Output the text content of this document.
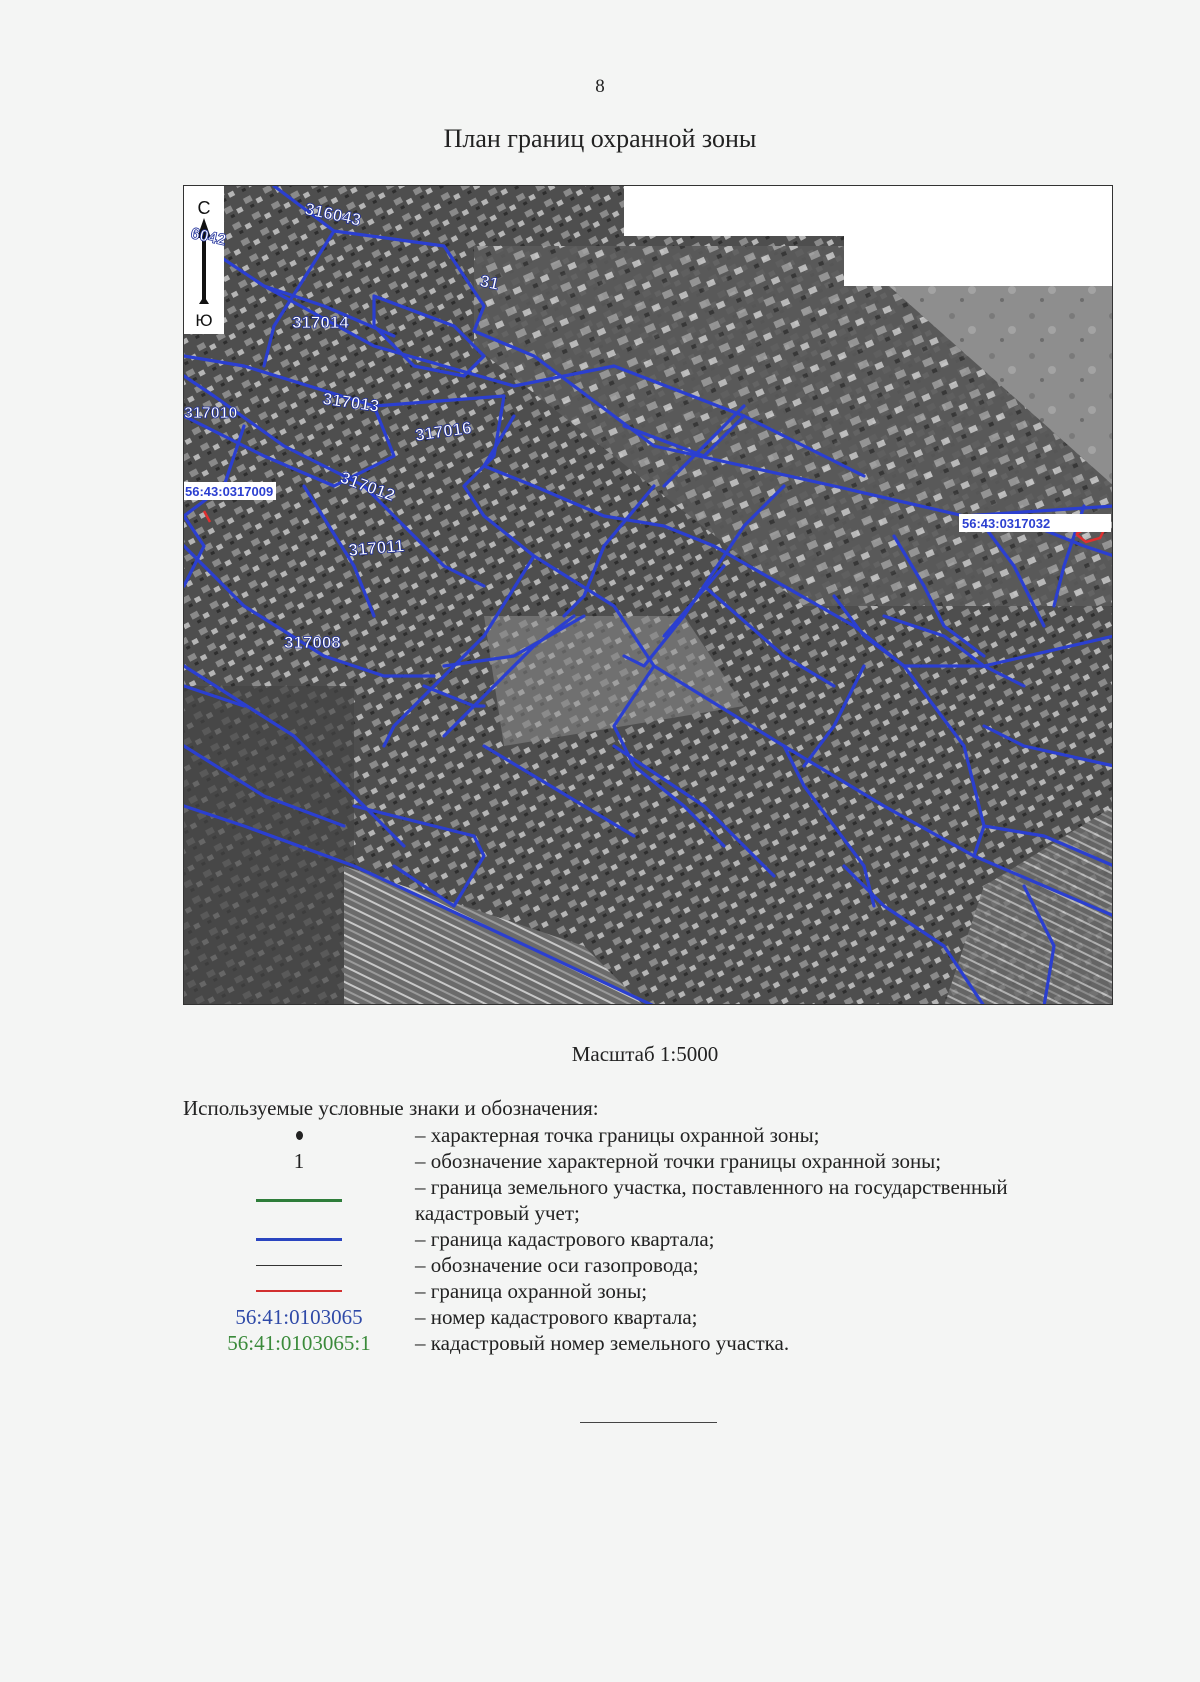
8
План границ охранной зоны
С
Ю
316043
6042
31
317014
317010	317013
317016
317012
56:43:0317009
317011
317008
56:43:0317032
Масштаб 1:5000
Используемые условные знаки и обозначения:
– характерная точка границы охранной зоны;
1	– обозначение характерной точки границы охранной зоны;
– граница земельного участка, поставленного на государственный кадастровый учет;
– граница кадастрового квартала;
– обозначение оси газопровода;
– граница охранной зоны;
56:41:0103065	– номер кадастрового квартала;
56:41:0103065:1	– кадастровый номер земельного участка.
